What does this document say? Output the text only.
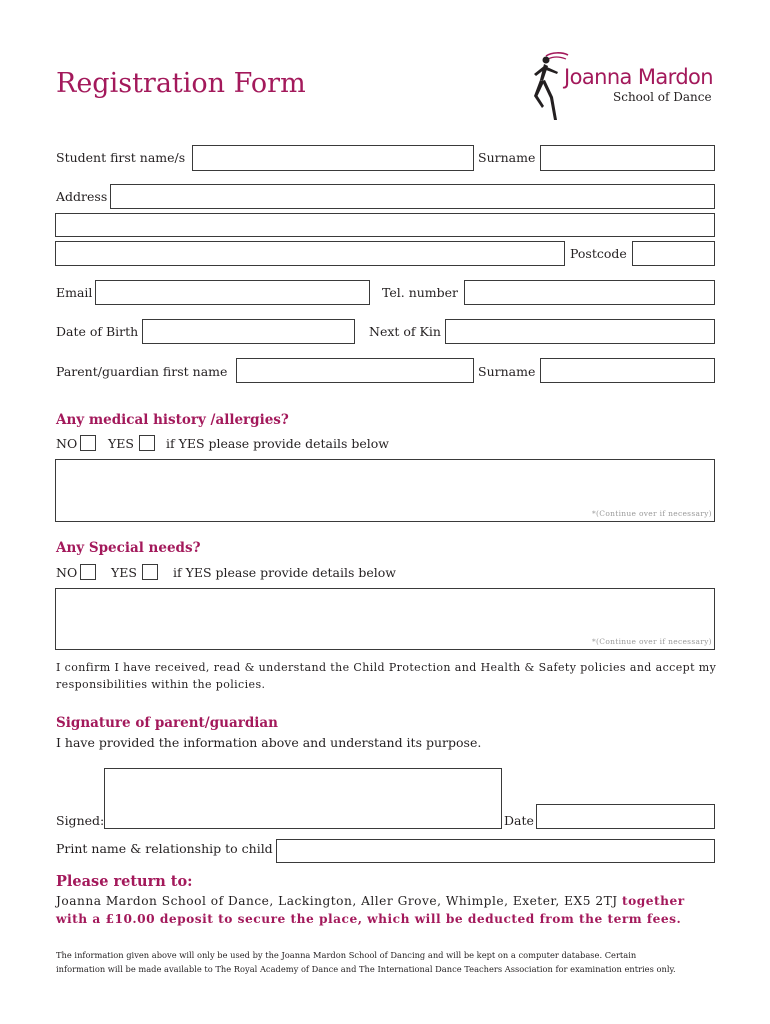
Registration Form	Joanna Mardon
School of Dance
Student first name/s	Surname
Address
Postcode
Email	Tel. number
Date of Birth	Next of Kin
Parent/guardian first name	Surname
Any medical history /allergies?
NO YES	if YES please provide details below
*(Continue over if necessary)
Any Special needs?
NO	YES	if YES please provide details below
*(Continue over if necessary)
I confirm I have received, read & understand the Child Protection and Health & Safety policies and accept my
responsibilities within the policies.
Signature of parent/guardian
I have provided the information above and understand its purpose.
Signed:	Date
Print name & relationship to child
Please return to:
Joanna Mardon School of Dance, Lackington, Aller Grove, Whimple, Exeter, EX5 2TJ together
with a £10.00 deposit to secure the place, which will be deducted from the term fees.
The information given above will only be used by the Joanna Mardon School of Dancing and will be kept on a computer database. Certain
information will be made available to The Royal Academy of Dance and The International Dance Teachers Association for examination entries only.
